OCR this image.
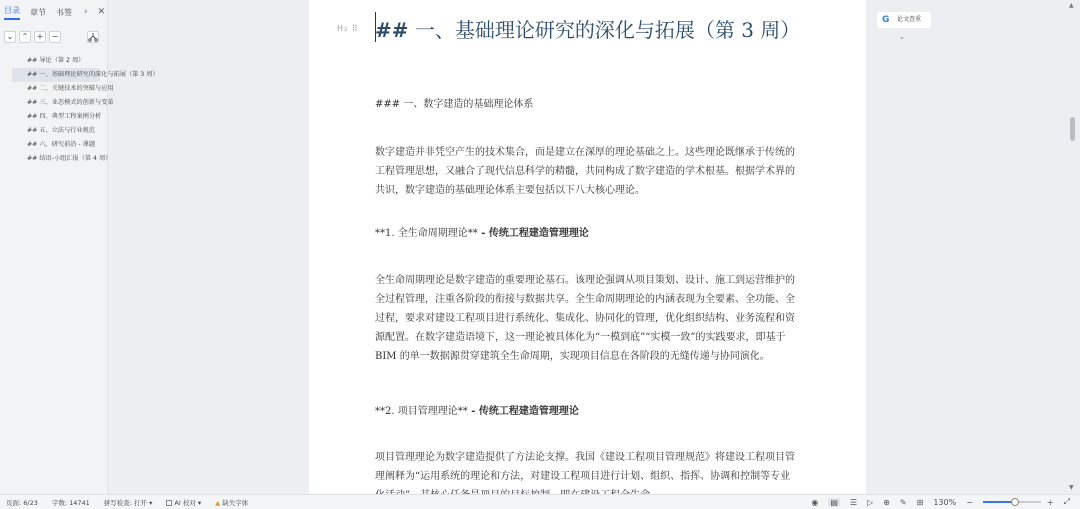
目录 章节 书签 › ✕
⌄	⌃	+	−
## 导论（第 2 周）
## 一、基础理论研究的深化与拓展（第 3 周）
## 二、关键技术的突破与应用
## 三、业态模式的创新与变革
## 四、典型工程案例分析
## 五、立法与行业规范
## 六、研究前沿 - 课题
## 结语-小组汇报（第 4 周）
H₂ ⠿ ## 一、基础理论研究的深化与拓展（第 3 周）
### 一、数字建造的基础理论体系
数字建造并非凭空产生的技术集合，而是建立在深厚的理论基础之上。这些理论既继承于传统的工程管理思想，又融合了现代信息科学的精髓，共同构成了数字建造的学术根基。根据学术界的共识，数字建造的基础理论体系主要包括以下八大核心理论。
**1. 全生命周期理论** - 传统工程建造管理理论
全生命周期理论是数字建造的重要理论基石。该理论强调从项目策划、设计、施工到运营维护的全过程管理，注重各阶段的衔接与数据共享。全生命周期理论的内涵表现为全要素、全功能、全过程，要求对建设工程项目进行系统化、集成化、协同化的管理，优化组织结构、业务流程和资源配置。在数字建造语境下，这一理论被具体化为“一模到底”“实模一致”的实践要求，即基于 BIM 的单一数据源贯穿建筑全生命周期，实现项目信息在各阶段的无缝传递与协同演化。
**2. 项目管理理论** - 传统工程建造管理理论
项目管理理论为数字建造提供了方法论支撑。我国《建设工程项目管理规范》将建设工程项目管理阐释为“运用系统的理论和方法，对建设工程项目进行计划、组织、指挥、协调和控制等专业
G 论文查重
⌄
▲
▼
页面: 6/23 字数: 14741 拼写检查: 打开 ▾	AI 校对 ▾ ▲ 缺失字体	◉ ▤ ☰ ▷ ⊕ ✎ ⊞ 130% −	+ ⤢
